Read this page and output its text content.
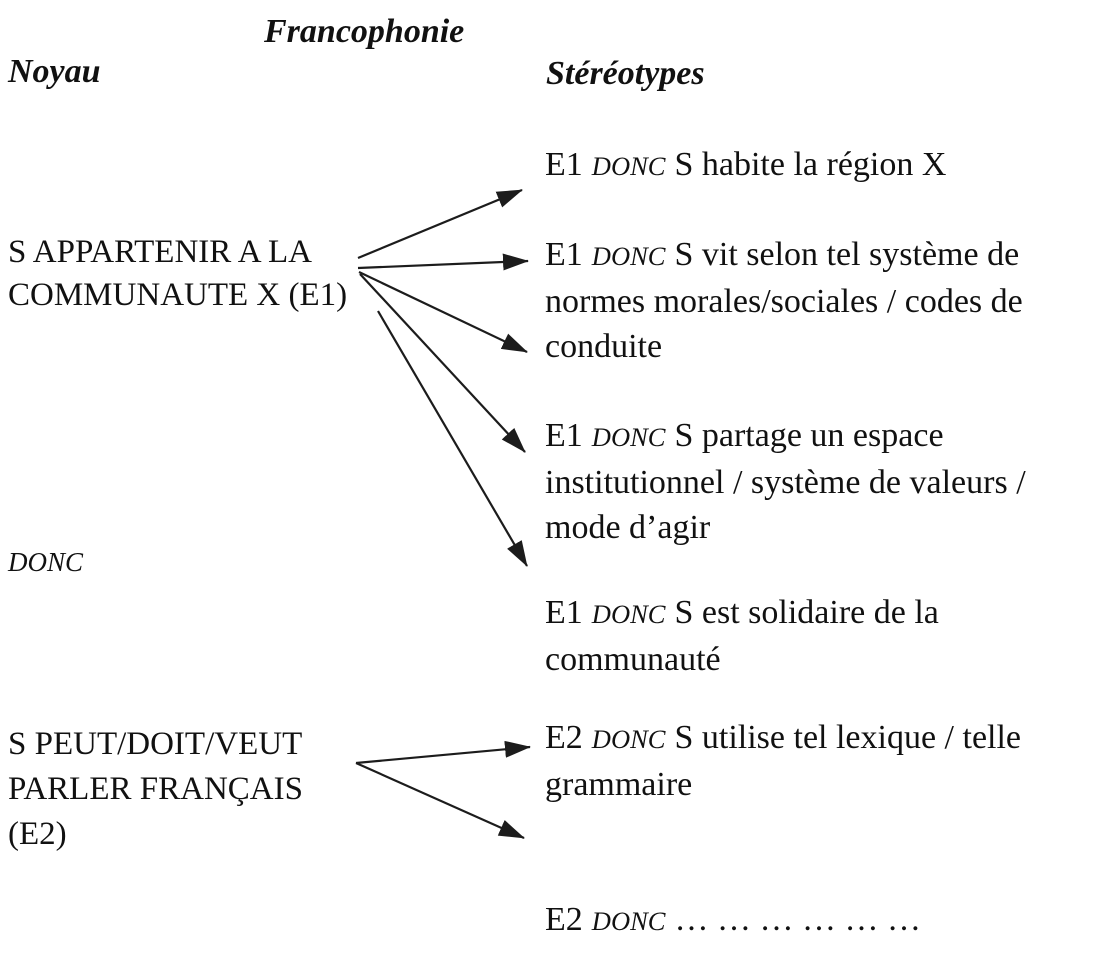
Francophonie
Noyau	Stéréotypes
S APPARTENIR A LA
COMMUNAUTE X (E1)
DONC
S PEUT/DOIT/VEUT
PARLER FRANÇAIS
(E2)
E1 DONC S habite la région X
E1 DONC S vit selon tel système de
normes morales/sociales / codes de
conduite
E1 DONC S partage un espace
institutionnel / système de valeurs /
mode d’agir
E1 DONC S est solidaire de la
communauté
E2 DONC S utilise tel lexique / telle
grammaire
E2 DONC … … … … … …
